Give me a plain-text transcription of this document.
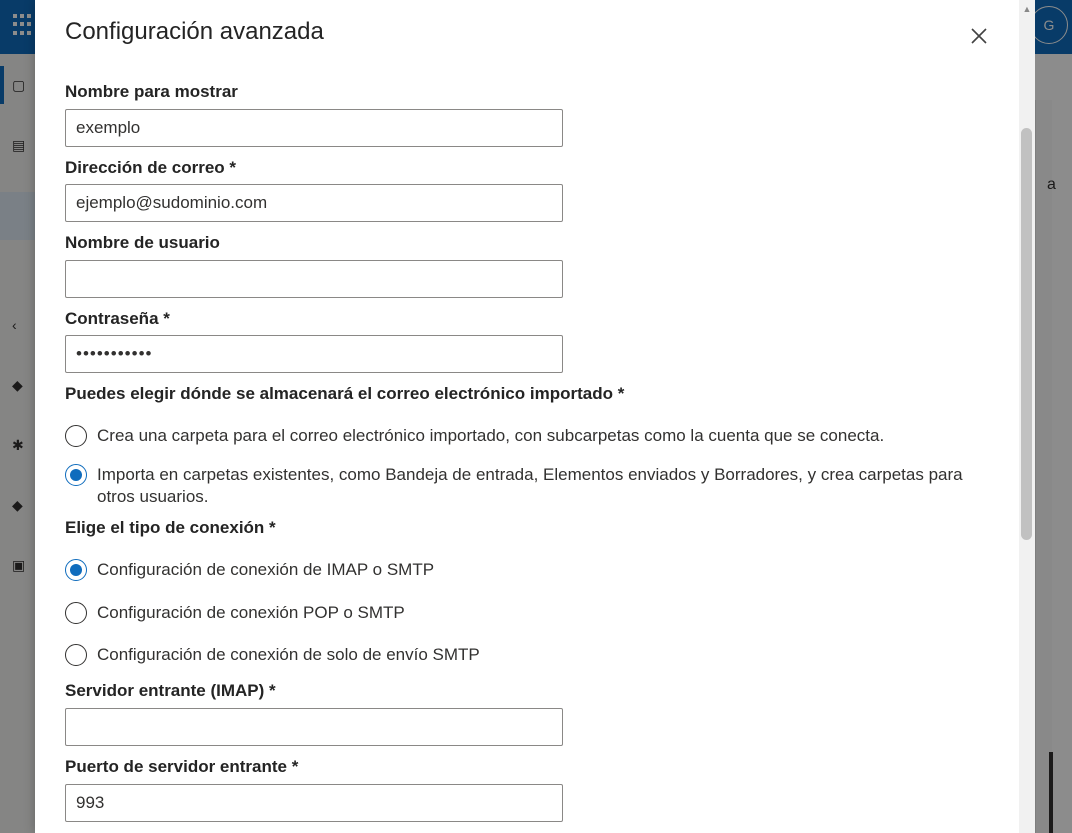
G
▢
▤
‹
◆
✱
◆
▣
a
Configuración avanzada
Nombre para mostrar
exemplo
Dirección de correo *
ejemplo@sudominio.com
Nombre de usuario
Contraseña *
•••••••••••
Puedes elegir dónde se almacenará el correo electrónico importado *
Crea una carpeta para el correo electrónico importado, con subcarpetas como la cuenta que se conecta.
Importa en carpetas existentes, como Bandeja de entrada, Elementos enviados y Borradores, y crea carpetas para otros usuarios.
Elige el tipo de conexión *
Configuración de conexión de IMAP o SMTP
Configuración de conexión POP o SMTP
Configuración de conexión de solo de envío SMTP
Servidor entrante (IMAP) *
Puerto de servidor entrante *
993
▲
